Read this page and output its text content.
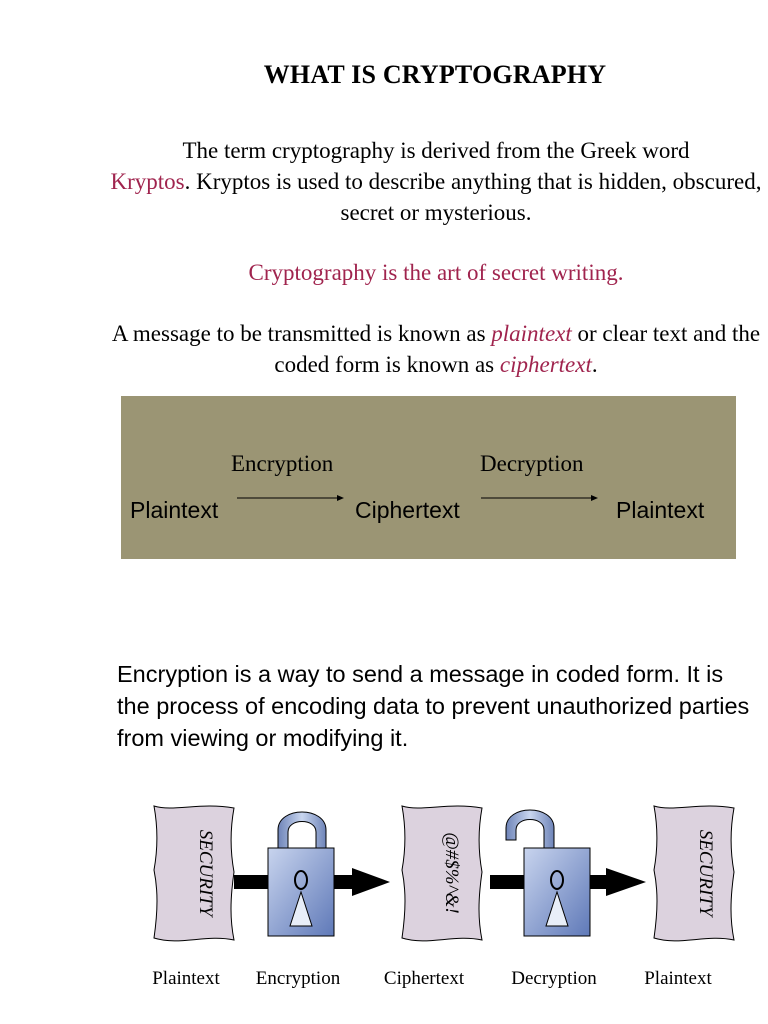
WHAT IS CRYPTOGRAPHY
The term cryptography is derived from the Greek word
Kryptos. Kryptos is used to describe anything that is hidden, obscured, secret or mysterious.
Cryptography is the art of secret writing.
A message to be transmitted is known as plaintext or clear text and the coded form is known as ciphertext.
Plaintext
Encryption
Ciphertext
Decryption
Plaintext
Encryption is a way to send a message in coded form. It is the process of encoding data to prevent unauthorized parties from viewing or modifying it.
SECURITY	@#$%^&!	SECURITY
Plaintext Encryption Ciphertext Decryption Plaintext
